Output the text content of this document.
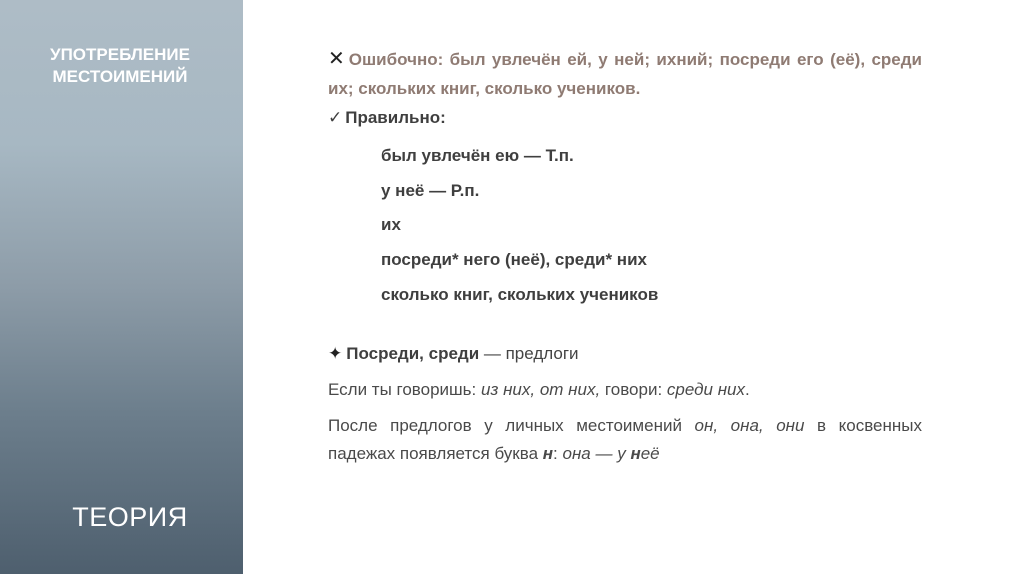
УПОТРЕБЛЕНИЕ
МЕСТОИМЕНИЙ
ТЕОРИЯ

✕ Ошибочно: был увлечён ей, у ней; ихний; посреди его (её), среди их; скольких книг, сколько учеников.

✓ Правильно:
был увлечён ею — Т.п.
у неё — Р.п.
их
посреди* него (неё), среди* них
сколько книг, скольких учеников
✦ Посреди, среди — предлоги
Если ты говоришь: из них, от них, говори: среди них.

После предлогов у личных местоимений он, она, они в косвенных падежах появляется буква н: она — у неё
